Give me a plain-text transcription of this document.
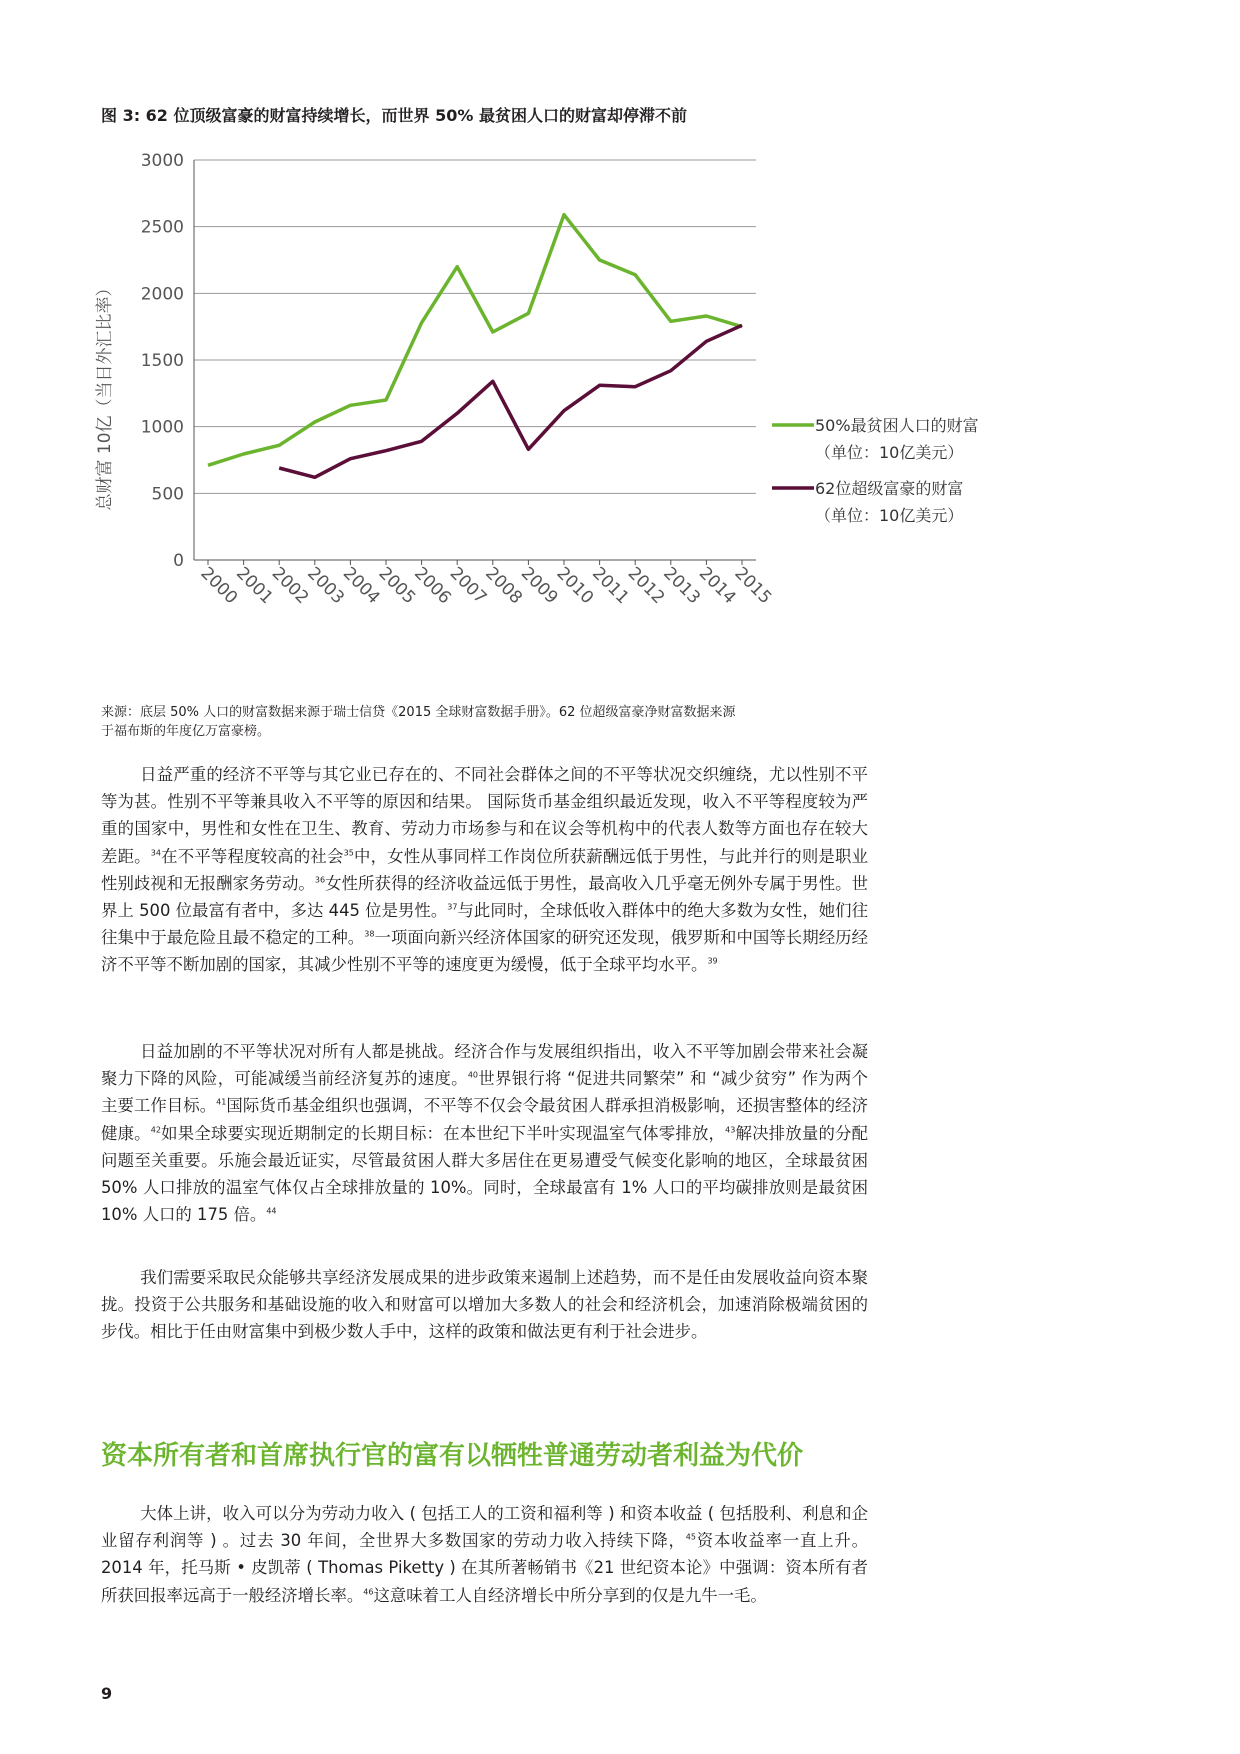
图 3: 62 位顶级富豪的财富持续增长，而世界 50% 最贫困人口的财富却停滞不前
0
500
1000
1500
2000
2500
3000
2000
2001
2002
2003
2004
2005
2006
2007
2008
2009
2010
2011
2012
2013
2014
2015
总财富 10亿（当日外汇比率）	50%最贫困人口的财富
（单位：10亿美元）
62位超级富豪的财富
（单位：10亿美元）
来源：底层 50% 人口的财富数据来源于瑞士信贷《2015 全球财富数据手册》。62 位超级富豪净财富数据来源
于福布斯的年度亿万富豪榜。

日益严重的经济不平等与其它业已存在的、不同社会群体之间的不平等状况交织缠绕，尤以性别不平等为甚。性别不平等兼具收入不平等的原因和结果。 国际货币基金组织最近发现，收入不平等程度较为严重的国家中，男性和女性在卫生、教育、劳动力市场参与和在议会等机构中的代表人数等方面也存在较大差距。$^{34}$在不平等程度较高的社会$^{35}$中，女性从事同样工作岗位所获薪酬远低于男性，与此并行的则是职业性别歧视和无报酬家务劳动。$^{36}$女性所获得的经济收益远低于男性，最高收入几乎毫无例外专属于男性。世界上 500 位最富有者中，多达 445 位是男性。$^{37}$与此同时，全球低收入群体中的绝大多数为女性，她们往往集中于最危险且最不稳定的工种。$^{38}$一项面向新兴经济体国家的研究还发现，俄罗斯和中国等长期经历经济不平等不断加剧的国家，其减少性别不平等的速度更为缓慢，低于全球平均水平。$^{39}$

日益加剧的不平等状况对所有人都是挑战。经济合作与发展组织指出，收入不平等加剧会带来社会凝聚力下降的风险，可能减缓当前经济复苏的速度。$^{40}$世界银行将 “促进共同繁荣” 和 “减少贫穷” 作为两个主要工作目标。$^{41}$国际货币基金组织也强调，不平等不仅会令最贫困人群承担消极影响，还损害整体的经济健康。$^{42}$如果全球要实现近期制定的长期目标：在本世纪下半叶实现温室气体零排放，$^{43}$解决排放量的分配问题至关重要。乐施会最近证实，尽管最贫困人群大多居住在更易遭受气候变化影响的地区，全球最贫困 50% 人口排放的温室气体仅占全球排放量的 10%。同时，全球最富有 1% 人口的平均碳排放则是最贫困 10% 人口的 175 倍。$^{44}$

我们需要采取民众能够共享经济发展成果的进步政策来遏制上述趋势，而不是任由发展收益向资本聚拢。投资于公共服务和基础设施的收入和财富可以增加大多数人的社会和经济机会，加速消除极端贫困的步伐。相比于任由财富集中到极少数人手中，这样的政策和做法更有利于社会进步。

资本所有者和首席执行官的富有以牺牲普通劳动者利益为代价

大体上讲，收入可以分为劳动力收入 ( 包括工人的工资和福利等 ) 和资本收益 ( 包括股利、利息和企业留存利润等 ) 。过去 30 年间，全世界大多数国家的劳动力收入持续下降，$^{45}$资本收益率一直上升。2014 年，托马斯 • 皮凯蒂 ( Thomas Piketty ) 在其所著畅销书《21 世纪资本论》中强调：资本所有者所获回报率远高于一般经济增长率。$^{46}$这意味着工人自经济增长中所分享到的仅是九牛一毛。

9
